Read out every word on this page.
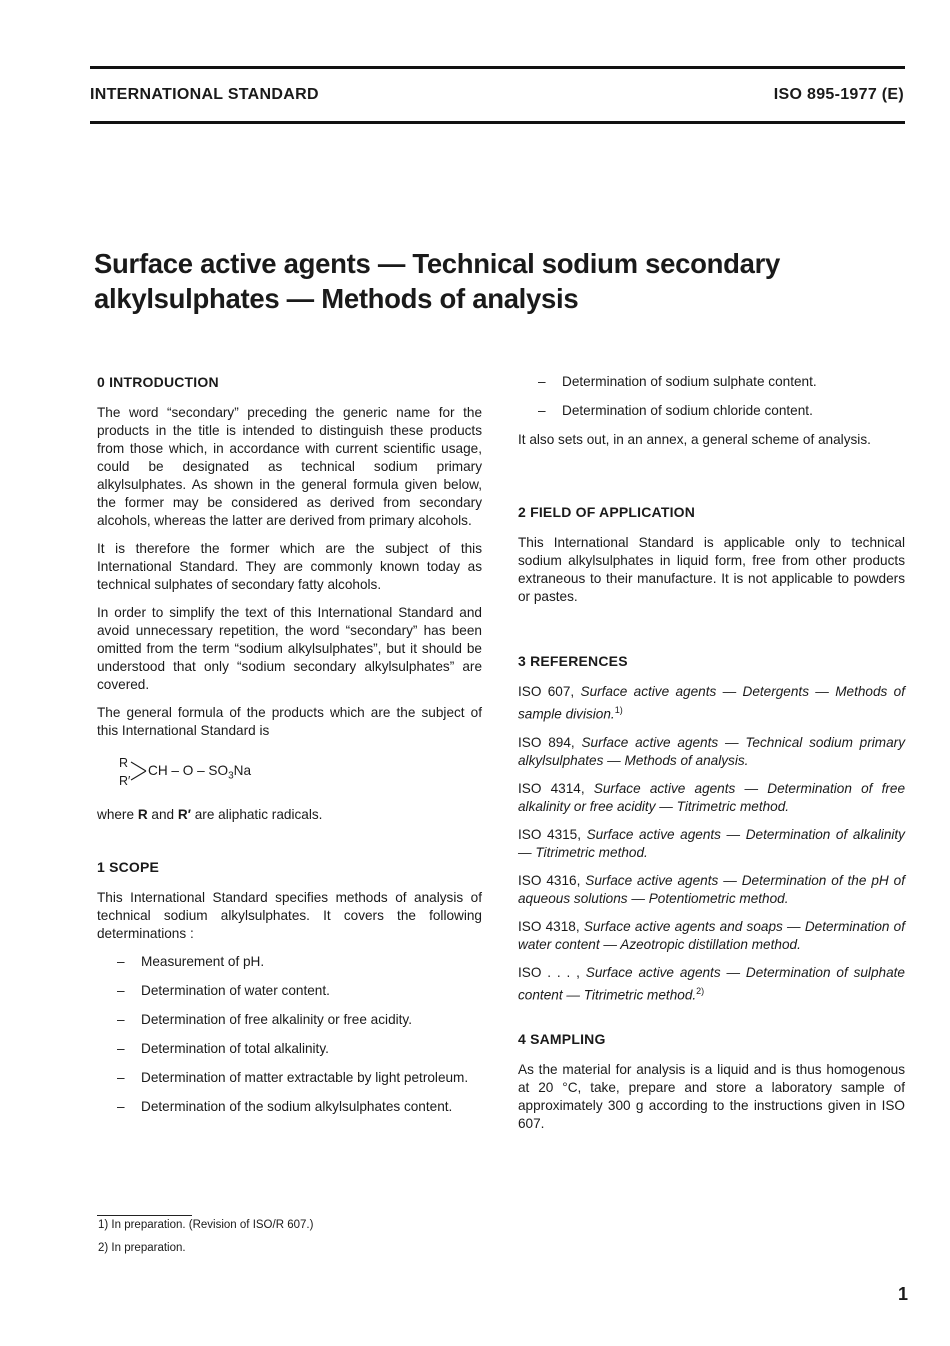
INTERNATIONAL STANDARD	ISO 895-1977 (E)
Surface active agents — Technical sodium secondary
alkylsulphates — Methods of analysis
0 INTRODUCTION

The word “secondary” preceding the generic name for the products in the title is intended to distinguish these products from those which, in accordance with current scientific usage, could be designated as technical sodium primary alkylsulphates. As shown in the general formula given below, the former may be considered as derived from secondary alcohols, whereas the latter are derived from primary alcohols.

It is therefore the former which are the subject of this International Standard. They are commonly known today as technical sulphates of secondary fatty alcohols.

In order to simplify the text of this International Standard and avoid unnecessary repetition, the word “secondary” has been omitted from the term “sodium alkylsulphates”, but it should be understood that only “sodium secondary alkylsulphates” are covered.

The general formula of the products which are the subject of this International Standard is

R
R′
CH – O – $SO_3Na$

where R and R′ are aliphatic radicals.

1 SCOPE

This International Standard specifies methods of analysis of technical sodium alkylsulphates. It covers the following determinations :

– Measurement of pH.
– Determination of water content.
– Determination of free alkalinity or free acidity.
– Determination of total alkalinity.
– Determination of matter extractable by light petroleum.
– Determination of the sodium alkylsulphates content.
– Determination of sodium sulphate content.
– Determination of sodium chloride content.

It also sets out, in an annex, a general scheme of analysis.

2 FIELD OF APPLICATION

This International Standard is applicable only to technical sodium alkylsulphates in liquid form, free from other products extraneous to their manufacture. It is not applicable to powders or pastes.

3 REFERENCES
ISO 607, Surface active agents — Detergents — Methods of sample division.$^{1)}$
ISO 894, Surface active agents — Technical sodium primary alkylsulphates — Methods of analysis.
ISO 4314, Surface active agents — Determination of free alkalinity or free acidity — Titrimetric method.
ISO 4315, Surface active agents — Determination of alkalinity — Titrimetric method.
ISO 4316, Surface active agents — Determination of the pH of aqueous solutions — Potentiometric method.
ISO 4318, Surface active agents and soaps — Determination of water content — Azeotropic distillation method.
ISO . . . , Surface active agents — Determination of sulphate content — Titrimetric method.$^{2)}$
4 SAMPLING

As the material for analysis is a liquid and is thus homogenous at 20 °C, take, prepare and store a laboratory sample of approximately 300 g according to the instructions given in ISO 607.

1) In preparation. (Revision of ISO/R 607.)
2) In preparation.
1
